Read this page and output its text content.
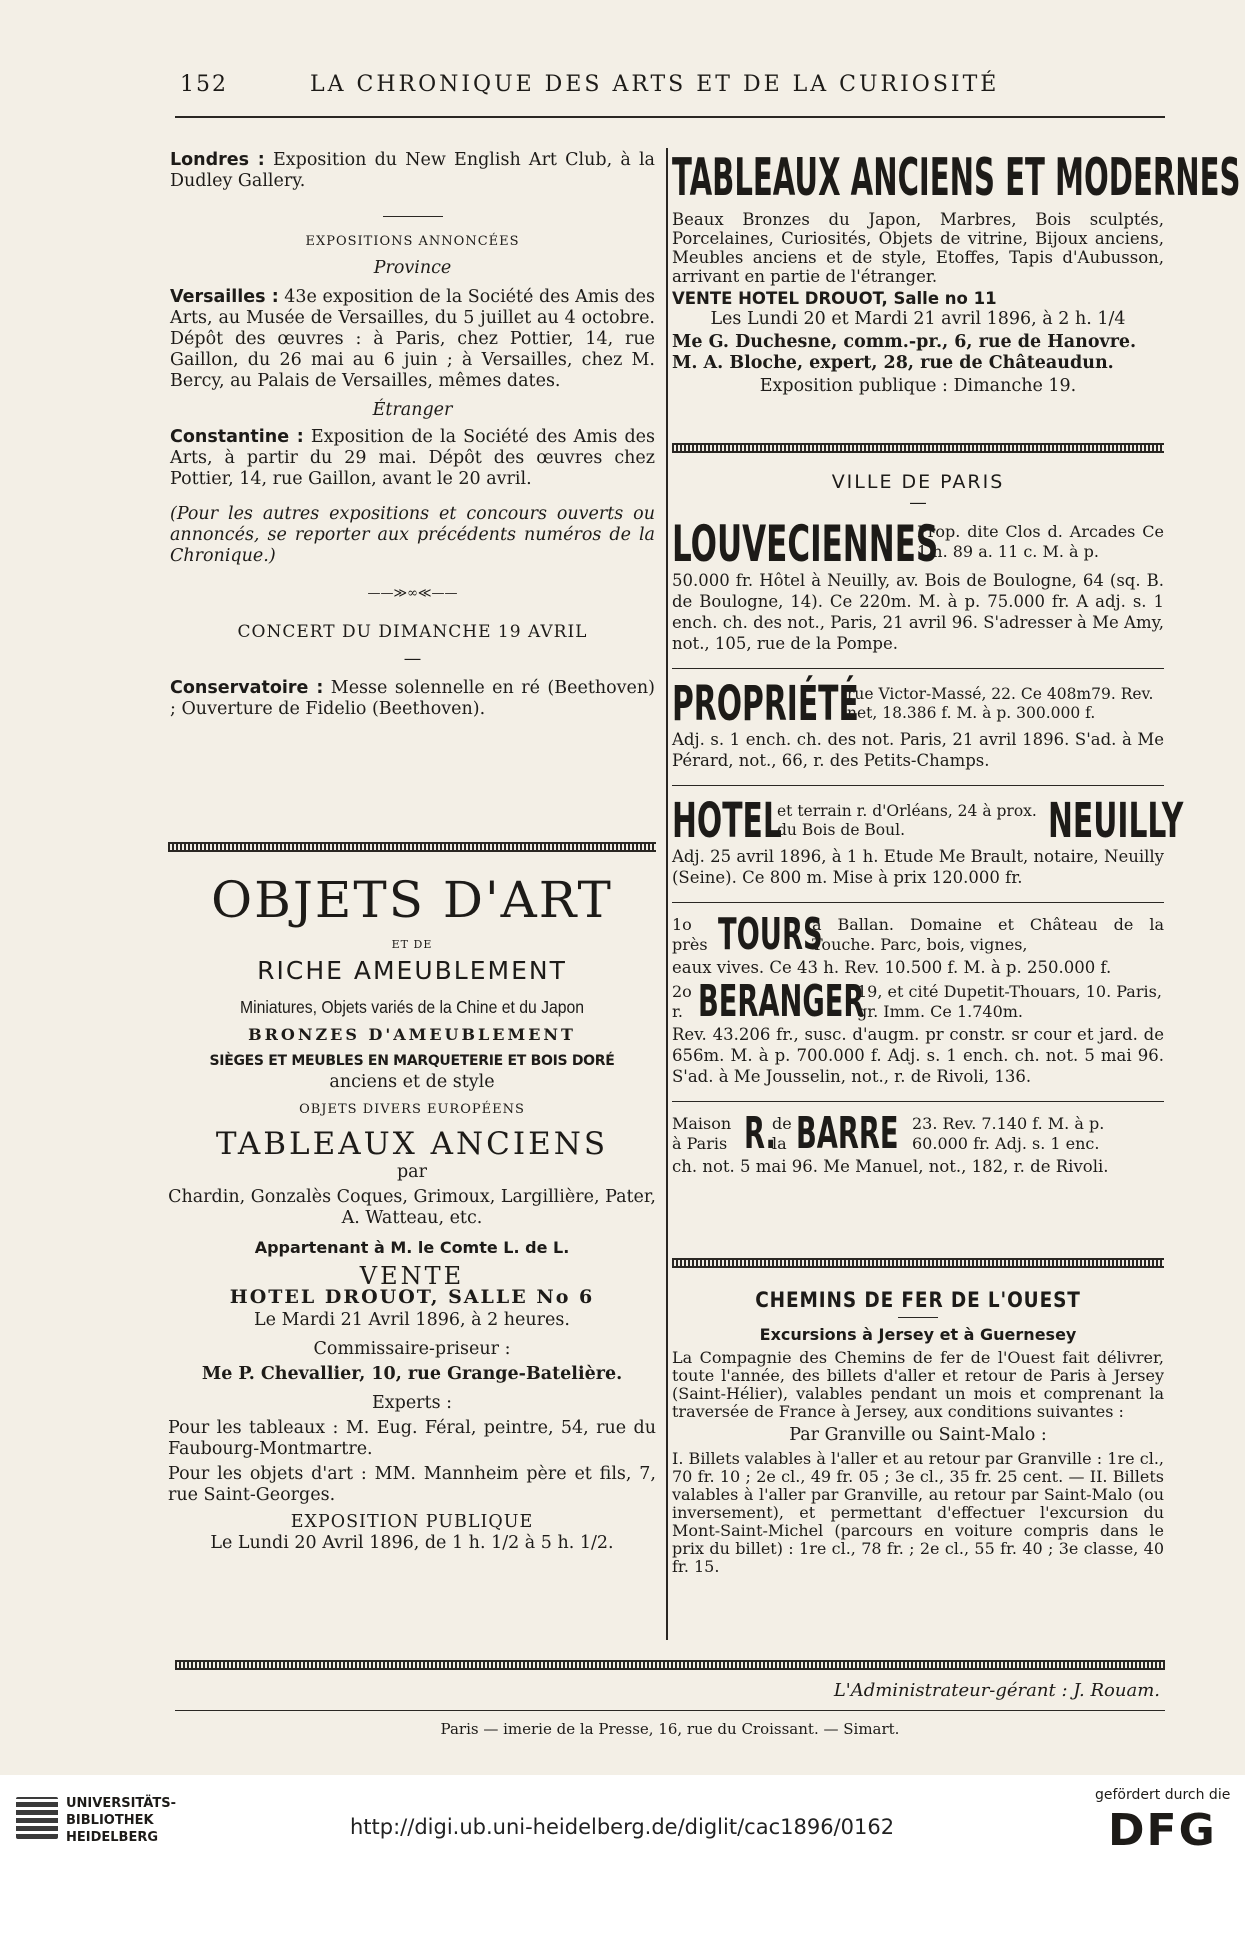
152	LA CHRONIQUE DES ARTS ET DE LA CURIOSITÉ

Londres : Exposition du New English Art Club, à la Dudley Gallery.

EXPOSITIONS ANNONCÉES
Province

Versailles : 43e exposition de la Société des Amis des Arts, au Musée de Versailles, du 5 juillet au 4 octobre. Dépôt des œuvres : à Paris, chez Pottier, 14, rue Gaillon, du 26 mai au 6 juin ; à Versailles, chez M. Bercy, au Palais de Versailles, mêmes dates.

Étranger

Constantine : Exposition de la Société des Amis des Arts, à partir du 29 mai. Dépôt des œuvres chez Pottier, 14, rue Gaillon, avant le 20 avril.

(Pour les autres expositions et concours ouverts ou annoncés, se reporter aux précédents numéros de la Chronique.)

——≫∞≪——
CONCERT DU DIMANCHE 19 AVRIL
—

Conservatoire : Messe solennelle en ré (Beethoven) ; Ouverture de Fidelio (Beethoven).

OBJETS D'ART
ET DE
RICHE AMEUBLEMENT
Miniatures, Objets variés de la Chine et du Japon
BRONZES D'AMEUBLEMENT
SIÈGES ET MEUBLES EN MARQUETERIE ET BOIS DORÉ
anciens et de style
OBJETS DIVERS EUROPÉENS
TABLEAUX ANCIENS
par
Chardin, Gonzalès Coques, Grimoux, Largillière, Pater, A. Watteau, etc.
Appartenant à M. le Comte L. de L.
VENTE
HOTEL DROUOT, SALLE No 6
Le Mardi 21 Avril 1896, à 2 heures.
Commissaire-priseur :
Me P. Chevallier, 10, rue Grange-Batelière.
Experts :
Pour les tableaux : M. Eug. Féral, peintre, 54, rue du Faubourg-Montmartre.
Pour les objets d'art : MM. Mannheim père et fils, 7, rue Saint-Georges.
EXPOSITION PUBLIQUE
Le Lundi 20 Avril 1896, de 1 h. 1/2 à 5 h. 1/2.
TABLEAUX ANCIENS ET MODERNES
Beaux Bronzes du Japon, Marbres, Bois sculptés, Porcelaines, Curiosités, Objets de vitrine, Bijoux anciens, Meubles anciens et de style, Etoffes, Tapis d'Aubusson, arrivant en partie de l'étranger.
VENTE HOTEL DROUOT, Salle no 11
Les Lundi 20 et Mardi 21 avril 1896, à 2 h. 1/4
Me G. Duchesne, comm.-pr., 6, rue de Hanovre.
M. A. Bloche, expert, 28, rue de Châteaudun.
Exposition publique : Dimanche 19.
VILLE DE PARIS
—
LOUVECIENNES
Prop. dite Clos d. Arcades Ce 1 h. 89 a. 11 c. M. à p.
50.000 fr. Hôtel à Neuilly, av. Bois de Boulogne, 64 (sq. B. de Boulogne, 14). Ce 220m. M. à p. 75.000 fr. A adj. s. 1 ench. ch. des not., Paris, 21 avril 96. S'adresser à Me Amy, not., 105, rue de la Pompe.
PROPRIÉTÉ
rue Victor-Massé, 22. Ce 408m79. Rev. net, 18.386 f. M. à p. 300.000 f.
Adj. s. 1 ench. ch. des not. Paris, 21 avril 1896. S'ad. à Me Pérard, not., 66, r. des Petits-Champs.
HOTEL
et terrain r. d'Orléans, 24 à prox. du Bois de Boul.	NEUILLY
Adj. 25 avril 1896, à 1 h. Etude Me Brault, notaire, Neuilly (Seine). Ce 800 m. Mise à prix 120.000 fr.
1o près TOURS
à Ballan. Domaine et Château de la Touche. Parc, bois, vignes,
eaux vives. Ce 43 h. Rev. 10.500 f. M. à p. 250.000 f.
2o r. BERANGER
19, et cité Dupetit-Thouars, 10. Paris, gr. Imm. Ce 1.740m.
Rev. 43.206 fr., susc. d'augm. pr constr. sr cour et jard. de 656m. M. à p. 700.000 f. Adj. s. 1 ench. ch. not. 5 mai 96. S'ad. à Me Jousselin, not., r. de Rivoli, 136.
Maison à Paris R.
de la BARRE 23. Rev. 7.140 f. M. à p. 60.000 fr. Adj. s. 1 enc.
ch. not. 5 mai 96. Me Manuel, not., 182, r. de Rivoli.
CHEMINS DE FER DE L'OUEST
Excursions à Jersey et à Guernesey
La Compagnie des Chemins de fer de l'Ouest fait délivrer, toute l'année, des billets d'aller et retour de Paris à Jersey (Saint-Hélier), valables pendant un mois et comprenant la traversée de France à Jersey, aux conditions suivantes :
Par Granville ou Saint-Malo :
I. Billets valables à l'aller et au retour par Granville : 1re cl., 70 fr. 10 ; 2e cl., 49 fr. 05 ; 3e cl., 35 fr. 25 cent. — II. Billets valables à l'aller par Granville, au retour par Saint-Malo (ou inversement), et permettant d'effectuer l'excursion du Mont-Saint-Michel (parcours en voiture compris dans le prix du billet) : 1re cl., 78 fr. ; 2e cl., 55 fr. 40 ; 3e classe, 40 fr. 15.
L'Administrateur-gérant : J. Rouam.
Paris — imerie de la Presse, 16, rue du Croissant. — Simart.
UNIVERSITÄTS- BIBLIOTHEK HEIDELBERG	http://digi.ub.uni-heidelberg.de/diglit/cac1896/0162
gefördert durch die
DFG
